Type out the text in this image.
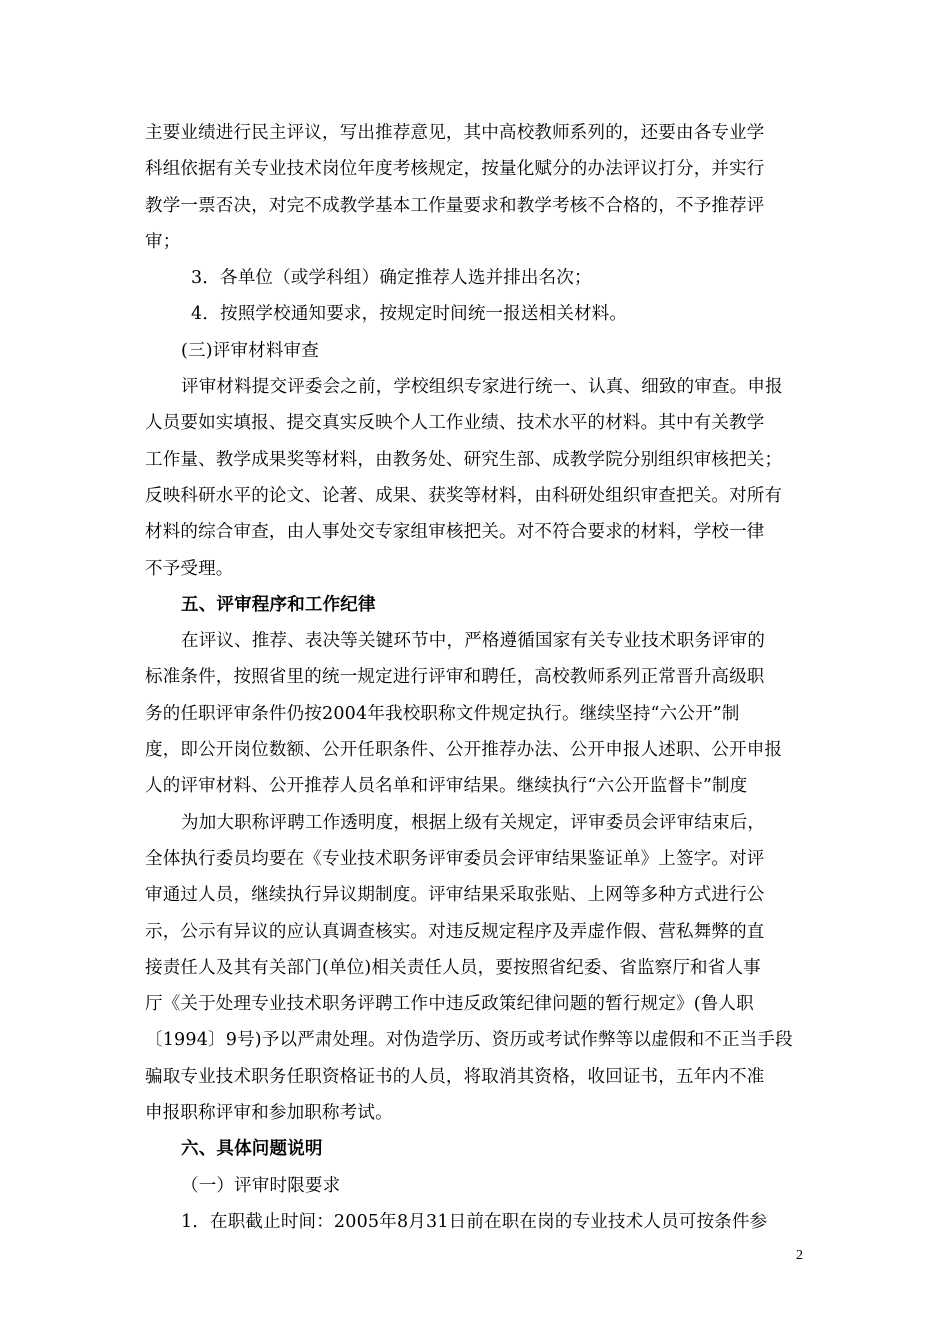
主要业绩进行民主评议，写出推荐意见，其中高校教师系列的，还要由各专业学
科组依据有关专业技术岗位年度考核规定，按量化赋分的办法评议打分，并实行
教学一票否决，对完不成教学基本工作量要求和教学考核不合格的，不予推荐评
审；
3．各单位（或学科组）确定推荐人选并排出名次；
4．按照学校通知要求，按规定时间统一报送相关材料。
(三)评审材料审查
评审材料提交评委会之前，学校组织专家进行统一、认真、细致的审查。申报
人员要如实填报、提交真实反映个人工作业绩、技术水平的材料。其中有关教学
工作量、教学成果奖等材料，由教务处、研究生部、成教学院分别组织审核把关；
反映科研水平的论文、论著、成果、获奖等材料，由科研处组织审查把关。对所有
材料的综合审查，由人事处交专家组审核把关。对不符合要求的材料，学校一律
不予受理。
五、评审程序和工作纪律
在评议、推荐、表决等关键环节中，严格遵循国家有关专业技术职务评审的
标准条件，按照省里的统一规定进行评审和聘任，高校教师系列正常晋升高级职
务的任职评审条件仍按2004年我校职称文件规定执行。继续坚持“六公开”制
度，即公开岗位数额、公开任职条件、公开推荐办法、公开申报人述职、公开申报
人的评审材料、公开推荐人员名单和评审结果。继续执行“六公开监督卡”制度
为加大职称评聘工作透明度，根据上级有关规定，评审委员会评审结束后，
全体执行委员均要在《专业技术职务评审委员会评审结果鉴证单》上签字。对评
审通过人员，继续执行异议期制度。评审结果采取张贴、上网等多种方式进行公
示，公示有异议的应认真调查核实。对违反规定程序及弄虚作假、营私舞弊的直
接责任人及其有关部门(单位)相关责任人员，要按照省纪委、省监察厅和省人事
厅《关于处理专业技术职务评聘工作中违反政策纪律问题的暂行规定》(鲁人职
〔1994〕9号)予以严肃处理。对伪造学历、资历或考试作弊等以虚假和不正当手段
骗取专业技术职务任职资格证书的人员，将取消其资格，收回证书，五年内不准
申报职称评审和参加职称考试。
六、具体问题说明
（一）评审时限要求
1．在职截止时间：2005年8月31日前在职在岗的专业技术人员可按条件参
2
